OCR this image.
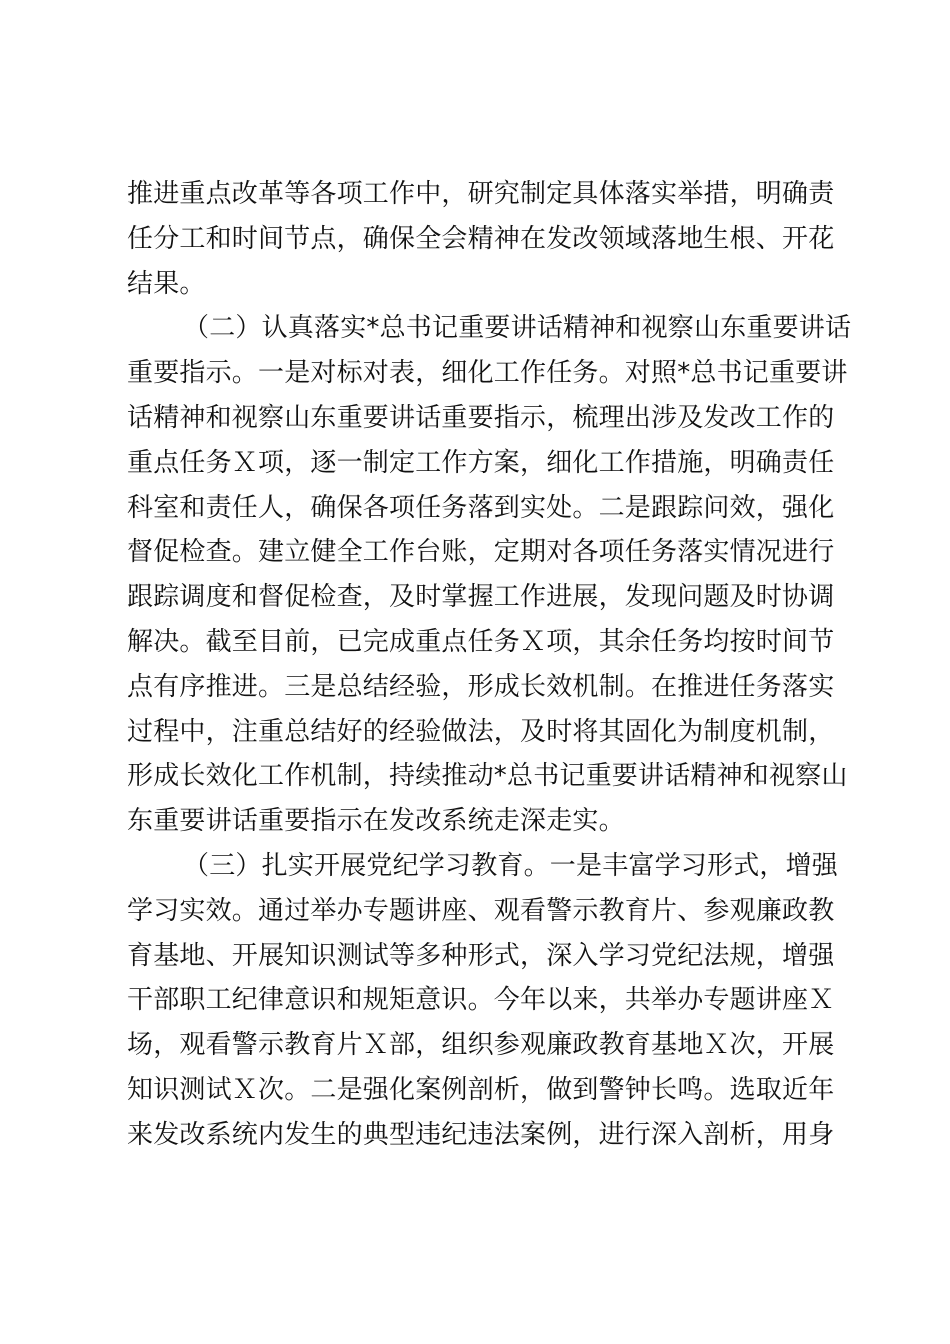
推进重点改革等各项工作中，研究制定具体落实举措，明确责
任分工和时间节点，确保全会精神在发改领域落地生根、开花
结果。
（二）认真落实*总书记重要讲话精神和视察山东重要讲话
重要指示。一是对标对表，细化工作任务。对照*总书记重要讲
话精神和视察山东重要讲话重要指示，梳理出涉及发改工作的
重点任务Ｘ项，逐一制定工作方案，细化工作措施，明确责任
科室和责任人，确保各项任务落到实处。二是跟踪问效，强化
督促检查。建立健全工作台账，定期对各项任务落实情况进行
跟踪调度和督促检查，及时掌握工作进展，发现问题及时协调
解决。截至目前，已完成重点任务Ｘ项，其余任务均按时间节
点有序推进。三是总结经验，形成长效机制。在推进任务落实
过程中，注重总结好的经验做法，及时将其固化为制度机制，
形成长效化工作机制，持续推动*总书记重要讲话精神和视察山
东重要讲话重要指示在发改系统走深走实。
（三）扎实开展党纪学习教育。一是丰富学习形式，增强
学习实效。通过举办专题讲座、观看警示教育片、参观廉政教
育基地、开展知识测试等多种形式，深入学习党纪法规，增强
干部职工纪律意识和规矩意识。今年以来，共举办专题讲座Ｘ
场，观看警示教育片Ｘ部，组织参观廉政教育基地Ｘ次，开展
知识测试Ｘ次。二是强化案例剖析，做到警钟长鸣。选取近年
来发改系统内发生的典型违纪违法案例，进行深入剖析，用身
